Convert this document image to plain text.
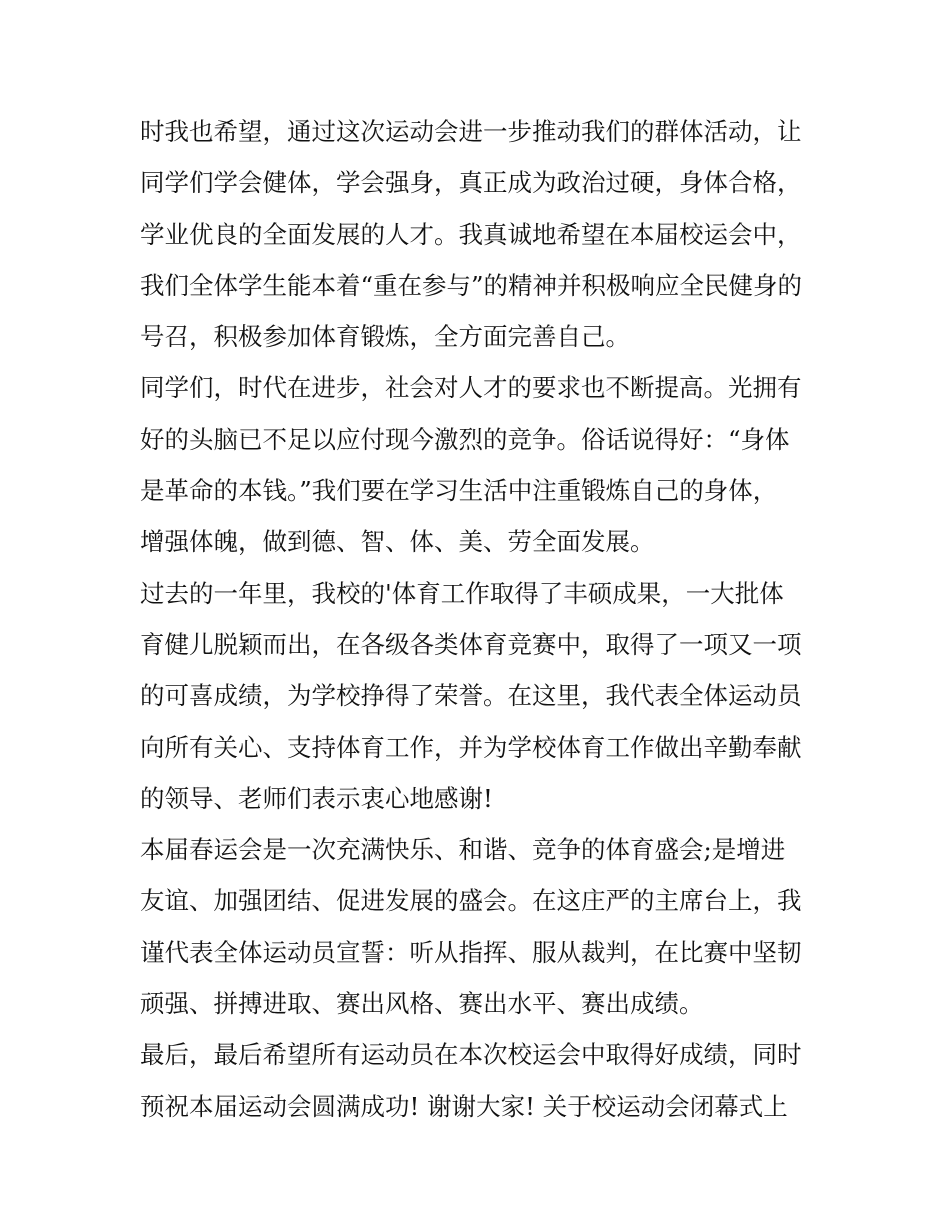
时我也希望，通过这次运动会进一步推动我们的群体活动，让
同学们学会健体，学会强身，真正成为政治过硬，身体合格，
学业优良的全面发展的人才。我真诚地希望在本届校运会中，
我们全体学生能本着“重在参与”的精神并积极响应全民健身的
号召，积极参加体育锻炼，全方面完善自己。
同学们，时代在进步，社会对人才的要求也不断提高。光拥有
好的头脑已不足以应付现今激烈的竞争。俗话说得好：“身体
是革命的本钱。”我们要在学习生活中注重锻炼自己的身体，
增强体魄，做到德、智、体、美、劳全面发展。
过去的一年里，我校的'体育工作取得了丰硕成果，一大批体
育健儿脱颖而出，在各级各类体育竞赛中，取得了一项又一项
的可喜成绩，为学校挣得了荣誉。在这里，我代表全体运动员
向所有关心、支持体育工作，并为学校体育工作做出辛勤奉献
的领导、老师们表示衷心地感谢!
本届春运会是一次充满快乐、和谐、竞争的体育盛会;是增进
友谊、加强团结、促进发展的盛会。在这庄严的主席台上，我
谨代表全体运动员宣誓：听从指挥、服从裁判，在比赛中坚韧
顽强、拼搏进取、赛出风格、赛出水平、赛出成绩。
最后，最后希望所有运动员在本次校运会中取得好成绩，同时
预祝本届运动会圆满成功! 谢谢大家! 关于校运动会闭幕式上
